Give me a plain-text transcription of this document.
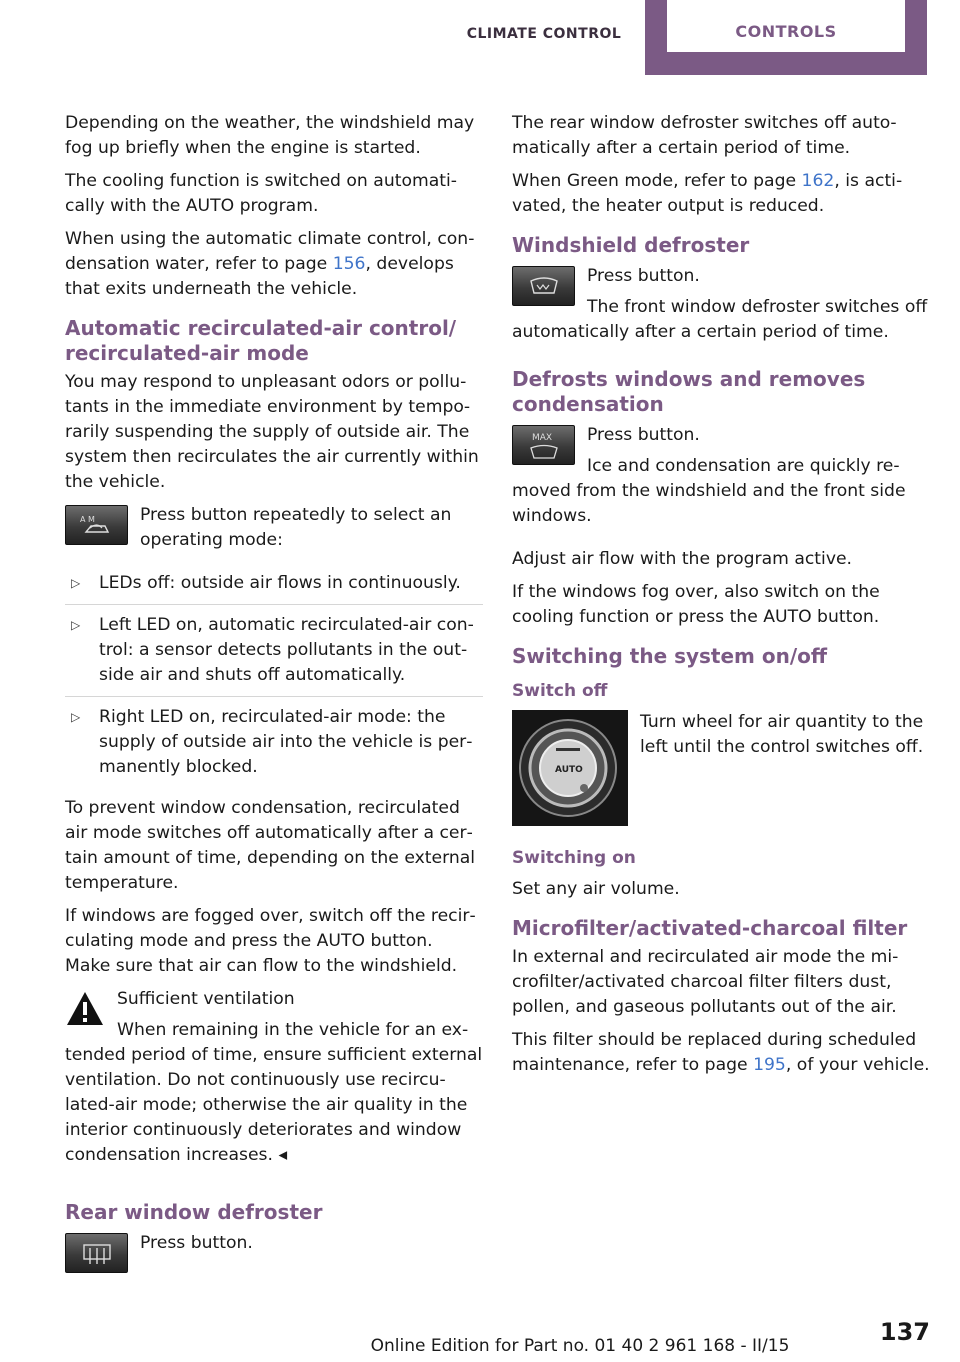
CLIMATE CONTROL	CONTROLS

Depending on the weather, the windshield may fog up briefly when the engine is started.

The cooling function is switched on automatically with the AUTO program.

When using the automatic climate control, condensation water, refer to page 156, develops that exits underneath the vehicle.

Automatic recirculated-air control/ recirculated-air mode

You may respond to unpleasant odors or pollutants in the immediate environment by temporarily suspending the supply of outside air. The system then recirculates the air currently within the vehicle.

A M	Press button repeatedly to select an operating mode:

▷ LEDs off: outside air flows in continuously.
▷ Left LED on, automatic recirculated-air control: a sensor detects pollutants in the outside air and shuts off automatically.
▷ Right LED on, recirculated-air mode: the supply of outside air into the vehicle is permanently blocked.

To prevent window condensation, recirculated air mode switches off automatically after a certain amount of time, depending on the external temperature.

If windows are fogged over, switch off the recirculating mode and press the AUTO button. Make sure that air can flow to the windshield.

Sufficient ventilation

When remaining in the vehicle for an extended period of time, ensure sufficient external ventilation. Do not continuously use recirculated-air mode; otherwise the air quality in the interior continuously deteriorates and window condensation increases. ◂

Rear window defroster

Press button.

The rear window defroster switches off automatically after a certain period of time.

When Green mode, refer to page 162, is activated, the heater output is reduced.

Windshield defroster

Press button.

The front window defroster switches off automatically after a certain period of time.

Defrosts windows and removes condensation
MAX	Press button.

Ice and condensation are quickly removed from the windshield and the front side windows.

Adjust air flow with the program active.

If the windows fog over, also switch on the cooling function or press the AUTO button.

Switching the system on/off
Switch off
AUTO

Turn wheel for air quantity to the left until the control switches off.

Switching on

Set any air volume.

Microfilter/activated-charcoal filter

In external and recirculated air mode the microfilter/activated charcoal filter filters dust, pollen, and gaseous pollutants out of the air.

This filter should be replaced during scheduled maintenance, refer to page 195, of your vehicle.

Online Edition for Part no. 01 40 2 961 168 - II/15	137
